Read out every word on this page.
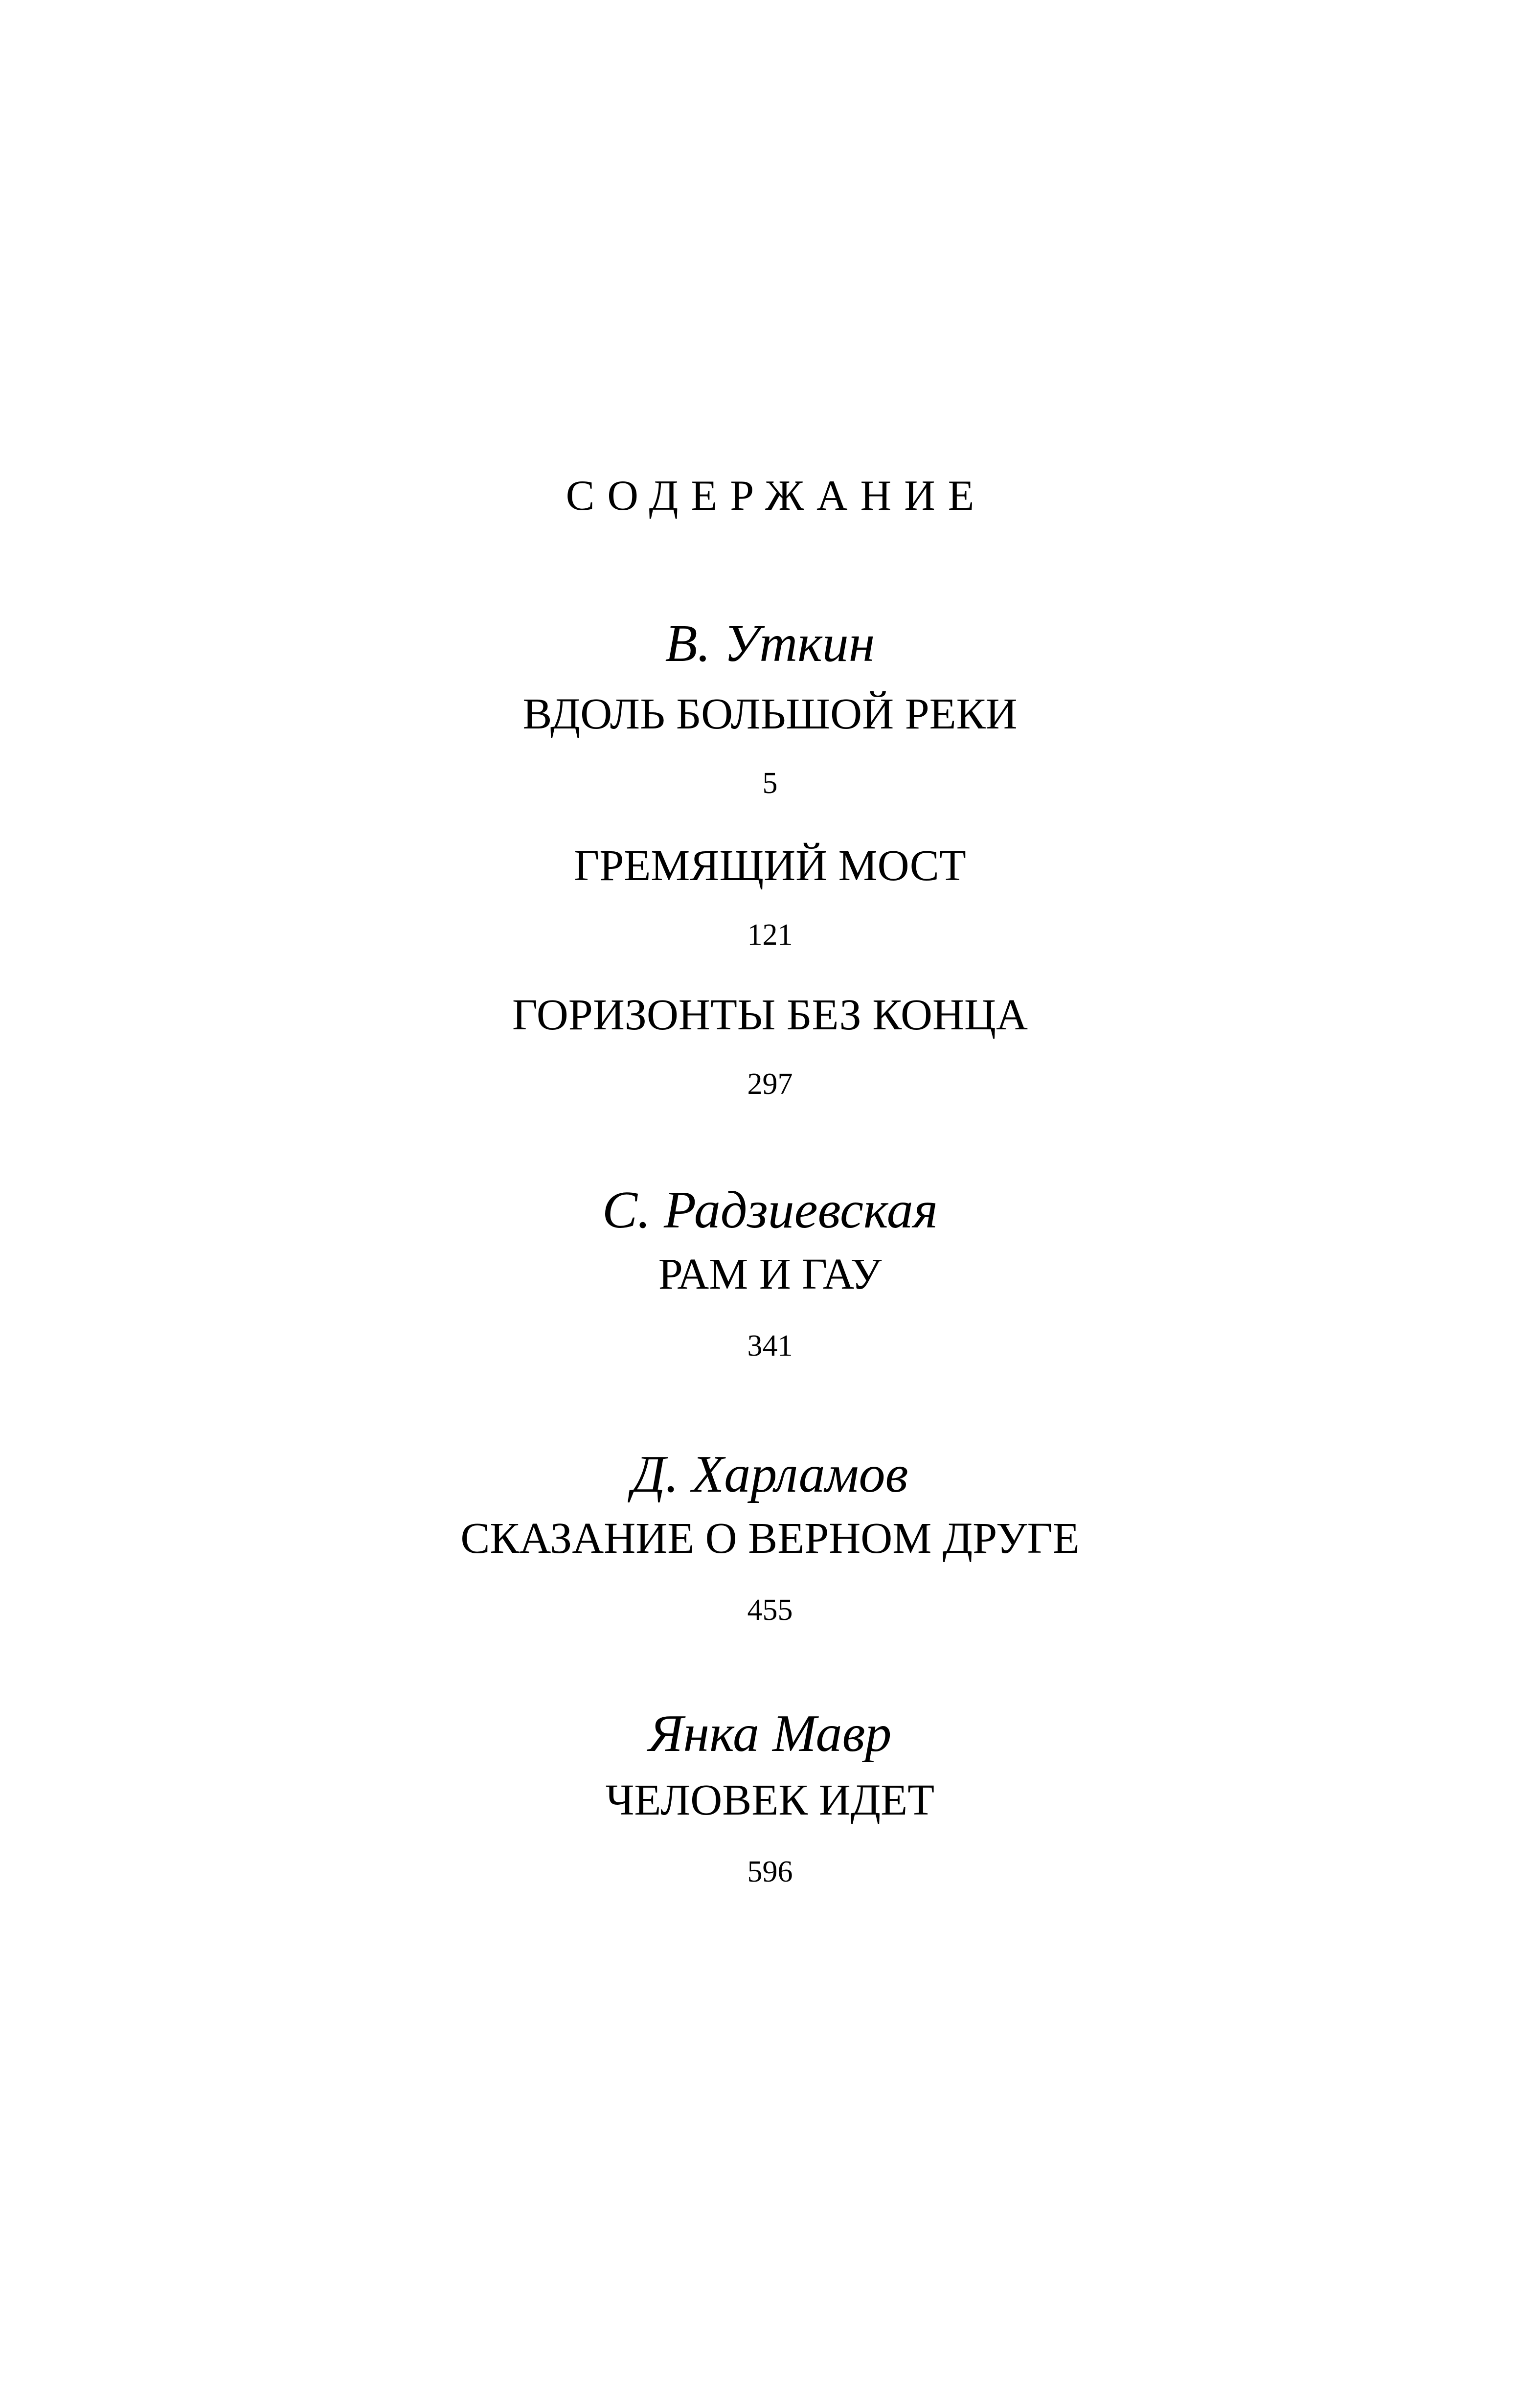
СОДЕРЖАНИЕ
В. Уткин
ВДОЛЬ БОЛЬШОЙ РЕКИ
5
ГРЕМЯЩИЙ МОСТ
121
ГОРИЗОНТЫ БЕЗ КОНЦА
297
С. Радзиевская
РАМ И ГАУ
341
Д. Харламов
СКАЗАНИЕ О ВЕРНОМ ДРУГЕ
455
Янка Мавр
ЧЕЛОВЕК ИДЕТ
596
